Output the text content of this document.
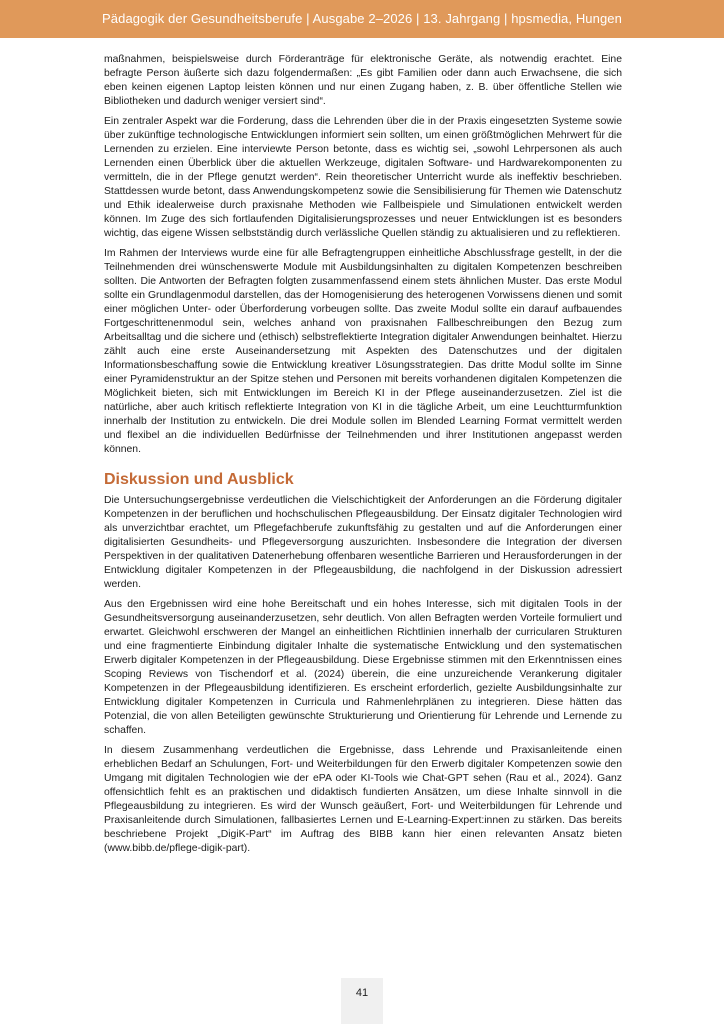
Pädagogik der Gesundheitsberufe | Ausgabe 2–2026 | 13. Jahrgang | hpsmedia, Hungen

maßnahmen, beispielsweise durch Förderanträge für elektronische Geräte, als notwendig erachtet. Eine befragte Person äußerte sich dazu folgendermaßen: „Es gibt Familien oder dann auch Erwachsene, die sich eben keinen eigenen Laptop leisten können und nur einen Zugang haben, z. B. über öffentliche Stellen wie Bibliotheken und dadurch weniger versiert sind“.

Ein zentraler Aspekt war die Forderung, dass die Lehrenden über die in der Praxis eingesetzten Systeme sowie über zukünftige technologische Entwicklungen informiert sein sollten, um einen größtmöglichen Mehrwert für die Lernenden zu erzielen. Eine interviewte Person betonte, dass es wichtig sei, „sowohl Lehrpersonen als auch Lernenden einen Überblick über die aktuellen Werkzeuge, digitalen Software- und Hardwarekomponenten zu vermitteln, die in der Pflege genutzt werden“. Rein theoretischer Unterricht wurde als ineffektiv beschrieben. Stattdessen wurde betont, dass Anwendungskompetenz sowie die Sensibilisierung für Themen wie Datenschutz und Ethik idealerweise durch praxisnahe Methoden wie Fallbeispiele und Simulationen entwickelt werden können. Im Zuge des sich fortlaufenden Digitalisierungsprozesses und neuer Entwicklungen ist es besonders wichtig, das eigene Wissen selbstständig durch verlässliche Quellen ständig zu aktualisieren und zu reflektieren.

Im Rahmen der Interviews wurde eine für alle Befragtengruppen einheitliche Abschlussfrage gestellt, in der die Teilnehmenden drei wünschenswerte Module mit Ausbildungsinhalten zu digitalen Kompetenzen beschreiben sollten. Die Antworten der Befragten folgten zusammenfassend einem stets ähnlichen Muster. Das erste Modul sollte ein Grundlagenmodul darstellen, das der Homogenisierung des heterogenen Vorwissens dienen und somit einer möglichen Unter- oder Überforderung vorbeugen sollte. Das zweite Modul sollte ein darauf aufbauendes Fortgeschrittenenmodul sein, welches anhand von praxisnahen Fallbeschreibungen den Bezug zum Arbeitsalltag und die sichere und (ethisch) selbstreflektierte Integration digitaler Anwendungen beinhaltet. Hierzu zählt auch eine erste Auseinandersetzung mit Aspekten des Datenschutzes und der digitalen Informationsbeschaffung sowie die Entwicklung kreativer Lösungsstrategien. Das dritte Modul sollte im Sinne einer Pyramidenstruktur an der Spitze stehen und Personen mit bereits vorhandenen digitalen Kompetenzen die Möglichkeit bieten, sich mit Entwicklungen im Bereich KI in der Pflege auseinanderzusetzen. Ziel ist die natürliche, aber auch kritisch reflektierte Integration von KI in die tägliche Arbeit, um eine Leuchtturmfunktion innerhalb der Institution zu entwickeln. Die drei Module sollen im Blended Learning Format vermittelt werden und flexibel an die individuellen Bedürfnisse der Teilnehmenden und ihrer Institutionen angepasst werden können.

Diskussion und Ausblick

Die Untersuchungsergebnisse verdeutlichen die Vielschichtigkeit der Anforderungen an die Förderung digitaler Kompetenzen in der beruflichen und hochschulischen Pflegeausbildung. Der Einsatz digitaler Technologien wird als unverzichtbar erachtet, um Pflegefachberufe zukunftsfähig zu gestalten und auf die Anforderungen einer digitalisierten Gesundheits- und Pflegeversorgung auszurichten. Insbesondere die Integration der diversen Perspektiven in der qualitativen Datenerhebung offenbaren wesentliche Barrieren und Herausforderungen in der Entwicklung digitaler Kompetenzen in der Pflegeausbildung, die nachfolgend in der Diskussion adressiert werden.

Aus den Ergebnissen wird eine hohe Bereitschaft und ein hohes Interesse, sich mit digitalen Tools in der Gesundheitsversorgung auseinanderzusetzen, sehr deutlich. Von allen Befragten werden Vorteile formuliert und erwartet. Gleichwohl erschweren der Mangel an einheitlichen Richtlinien innerhalb der curricularen Strukturen und eine fragmentierte Einbindung digitaler Inhalte die systematische Entwicklung und den systematischen Erwerb digitaler Kompetenzen in der Pflegeausbildung. Diese Ergebnisse stimmen mit den Erkenntnissen eines Scoping Reviews von Tischendorf et al. (2024) überein, die eine unzureichende Verankerung digitaler Kompetenzen in der Pflegeausbildung identifizieren. Es erscheint erforderlich, gezielte Ausbildungsinhalte zur Entwicklung digitaler Kompetenzen in Curricula und Rahmenlehrplänen zu integrieren. Diese hätten das Potenzial, die von allen Beteiligten gewünschte Strukturierung und Orientierung für Lehrende und Lernende zu schaffen.

In diesem Zusammenhang verdeutlichen die Ergebnisse, dass Lehrende und Praxisanleitende einen erheblichen Bedarf an Schulungen, Fort- und Weiterbildungen für den Erwerb digitaler Kompetenzen sowie den Umgang mit digitalen Technologien wie der ePA oder KI-Tools wie Chat-GPT sehen (Rau et al., 2024). Ganz offensichtlich fehlt es an praktischen und didaktisch fundierten Ansätzen, um diese Inhalte sinnvoll in die Pflegeausbildung zu integrieren. Es wird der Wunsch geäußert, Fort- und Weiterbildungen für Lehrende und Praxisanleitende durch Simulationen, fallbasiertes Lernen und E-Learning-Expert:innen zu stärken. Das bereits beschriebene Projekt „DigiK-Part“ im Auftrag des BIBB kann hier einen relevanten Ansatz bieten (www.bibb.de/pflege-digik-part).

41
